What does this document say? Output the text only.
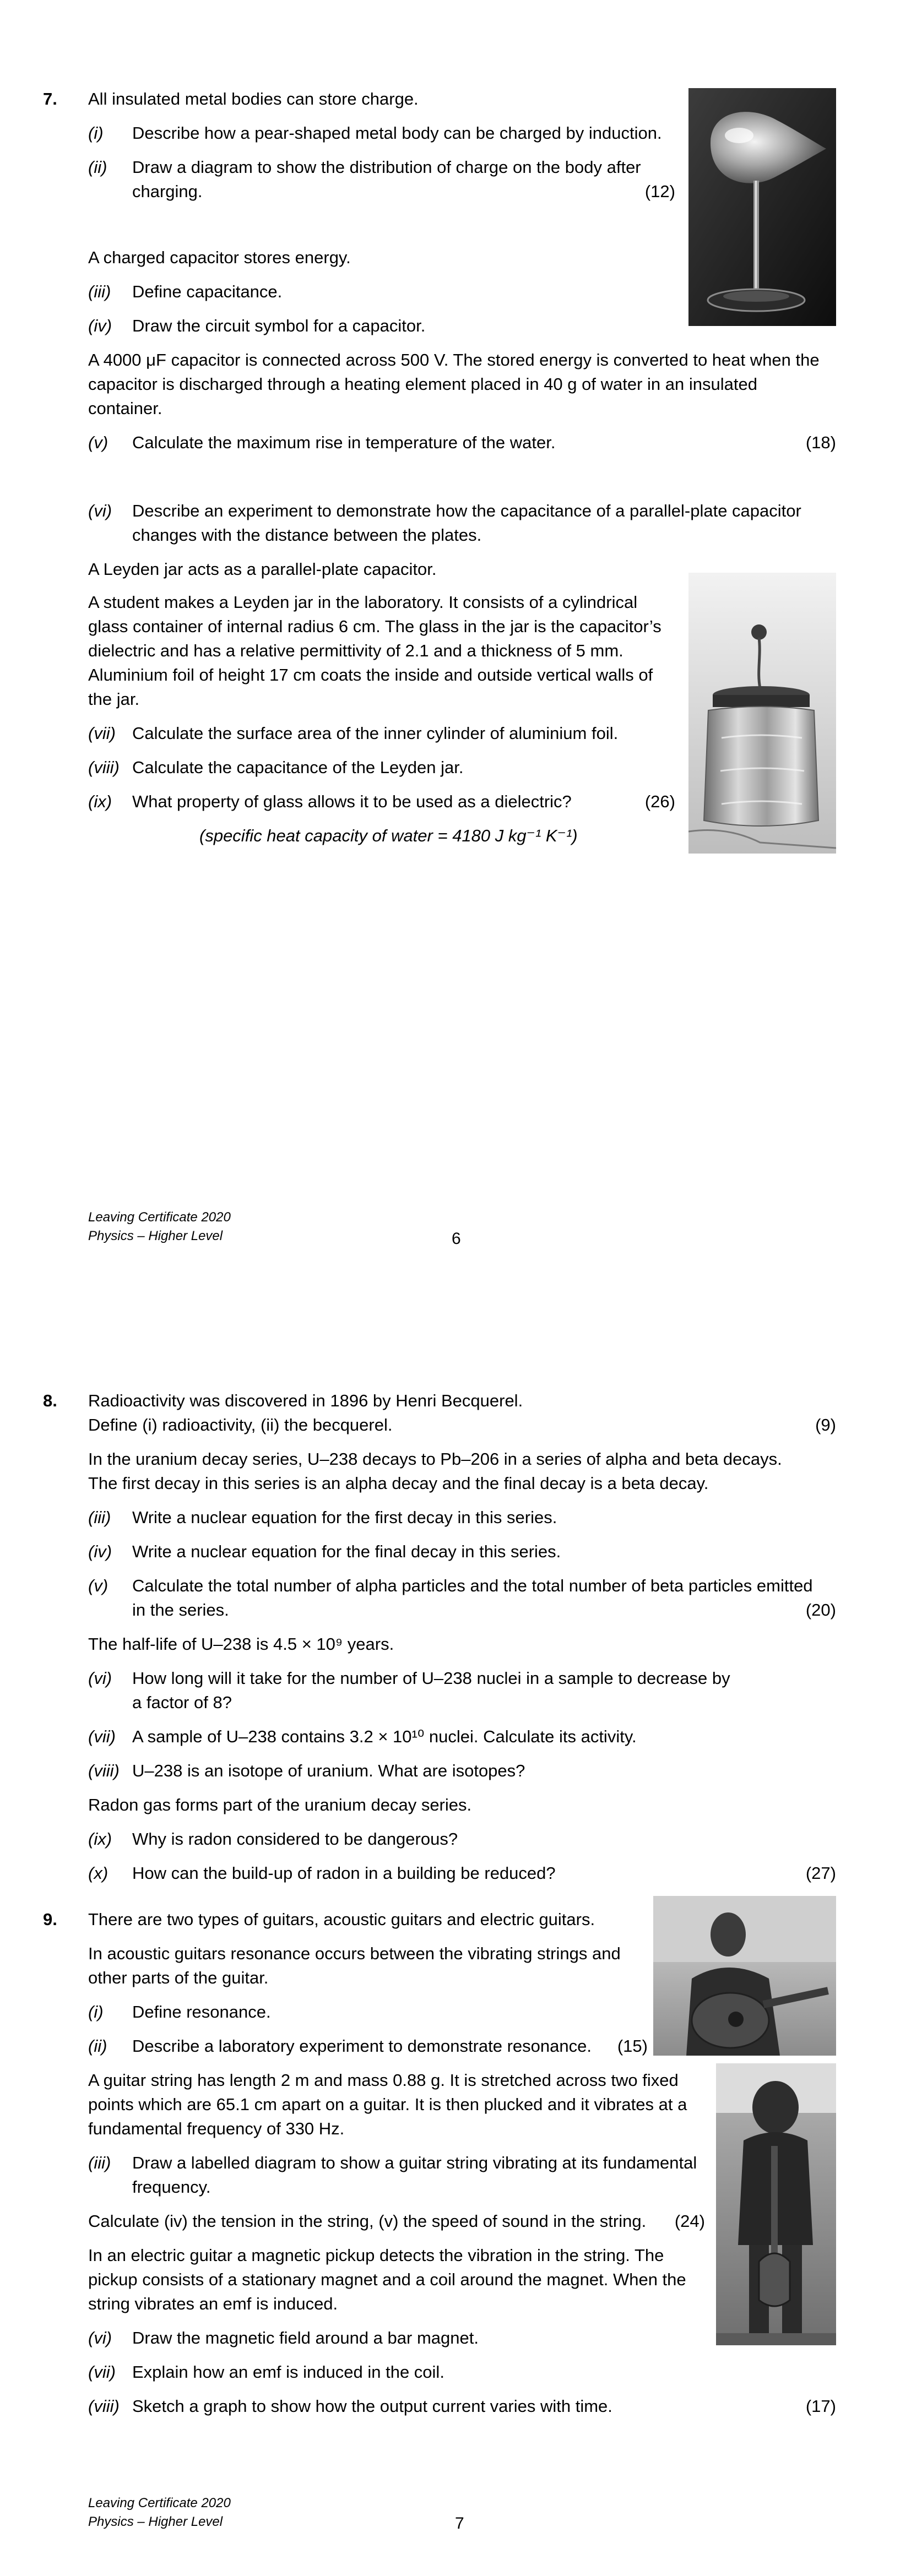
7. All insulated metal bodies can store charge.
(i) Describe how a pear-shaped metal body can be charged by induction.
(ii) Draw a diagram to show the distribution of charge on the body after
charging.	(12)
A charged capacitor stores energy.
(iii) Define capacitance.
(iv) Draw the circuit symbol for a capacitor.
A 4000 μF capacitor is connected across 500 V. The stored energy is converted to heat when the
capacitor is discharged through a heating element placed in 40 g of water in an insulated
container.
(v) Calculate the maximum rise in temperature of the water.	(18)
(vi) Describe an experiment to demonstrate how the capacitance of a parallel-plate capacitor
changes with the distance between the plates.
A Leyden jar acts as a parallel-plate capacitor.
A student makes a Leyden jar in the laboratory. It consists of a cylindrical
glass container of internal radius 6 cm. The glass in the jar is the capacitor’s
dielectric and has a relative permittivity of 2.1 and a thickness of 5 mm.
Aluminium foil of height 17 cm coats the inside and outside vertical walls of
the jar.
(vii) Calculate the surface area of the inner cylinder of aluminium foil.
(viii) Calculate the capacitance of the Leyden jar.
(ix) What property of glass allows it to be used as a dielectric?	(26)
(specific heat capacity of water = 4180 J kg⁻¹ K⁻¹)
Leaving Certificate 2020
Physics – Higher Level	6
8. Radioactivity was discovered in 1896 by Henri Becquerel.
Define (i) radioactivity, (ii) the becquerel.	(9)
In the uranium decay series, U–238 decays to Pb–206 in a series of alpha and beta decays.
The first decay in this series is an alpha decay and the final decay is a beta decay.
(iii) Write a nuclear equation for the first decay in this series.
(iv) Write a nuclear equation for the final decay in this series.
(v) Calculate the total number of alpha particles and the total number of beta particles emitted
in the series.	(20)
The half-life of U–238 is 4.5 × 10⁹ years.
(vi) How long will it take for the number of U–238 nuclei in a sample to decrease by
a factor of 8?
(vii) A sample of U–238 contains 3.2 × 10¹⁰ nuclei. Calculate its activity.
(viii) U–238 is an isotope of uranium. What are isotopes?
Radon gas forms part of the uranium decay series.
(ix) Why is radon considered to be dangerous?
(x) How can the build-up of radon in a building be reduced?	(27)
9. There are two types of guitars, acoustic guitars and electric guitars.
In acoustic guitars resonance occurs between the vibrating strings and
other parts of the guitar.
(i) Define resonance.
(ii) Describe a laboratory experiment to demonstrate resonance.	(15)
A guitar string has length 2 m and mass 0.88 g. It is stretched across two fixed
points which are 65.1 cm apart on a guitar. It is then plucked and it vibrates at a
fundamental frequency of 330 Hz.
(iii) Draw a labelled diagram to show a guitar string vibrating at its fundamental
frequency.
Calculate (iv) the tension in the string, (v) the speed of sound in the string.	(24)
In an electric guitar a magnetic pickup detects the vibration in the string. The
pickup consists of a stationary magnet and a coil around the magnet. When the
string vibrates an emf is induced.
(vi) Draw the magnetic field around a bar magnet.
(vii) Explain how an emf is induced in the coil.
(viii) Sketch a graph to show how the output current varies with time.	(17)
Leaving Certificate 2020
Physics – Higher Level	7
